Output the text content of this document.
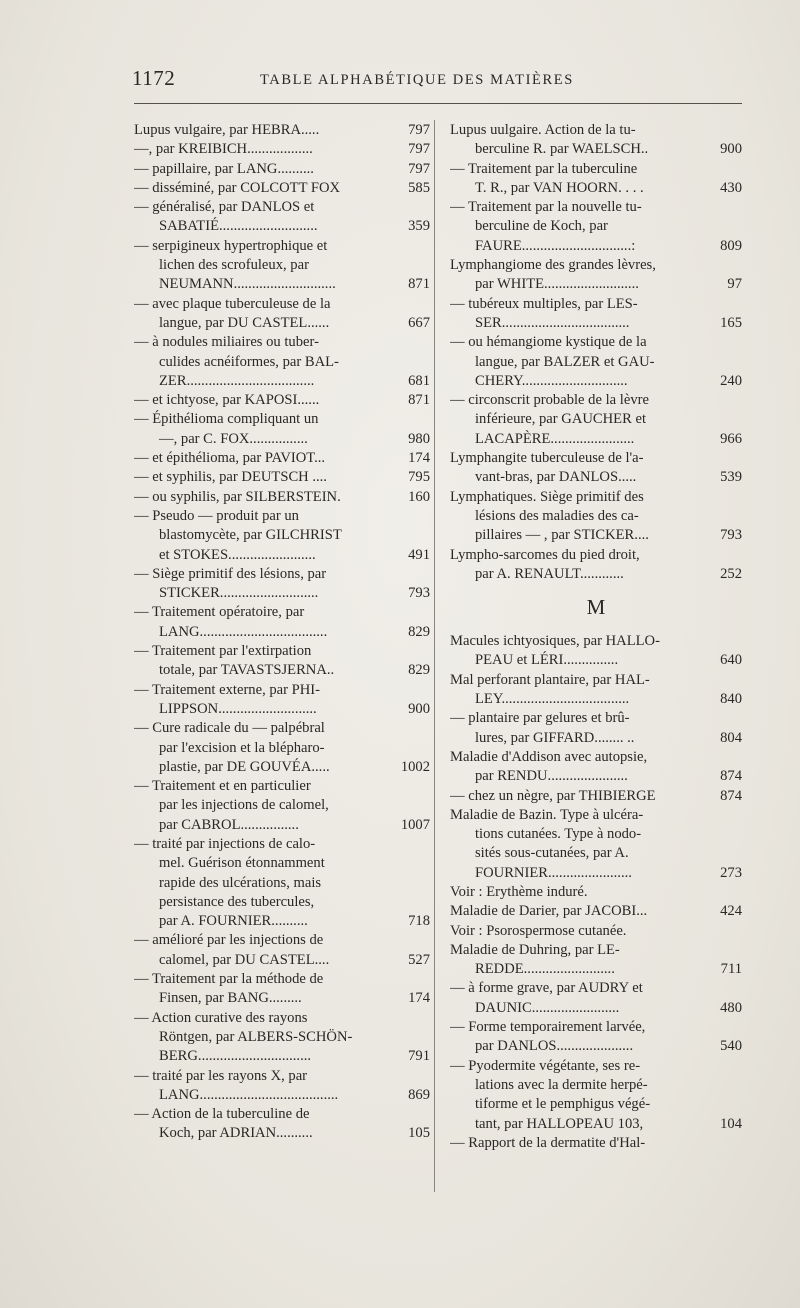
1172	TABLE ALPHABÉTIQUE DES MATIÈRES
Lupus vulgaire, par HEBRA.....	797
—, par KREIBICH..................	797
— papillaire, par LANG..........	797
— disséminé, par COLCOTT FOX	585
— généralisé, par DANLOS et
SABATIÉ...........................	359
— serpigineux hypertrophique et
lichen des scrofuleux, par
NEUMANN............................	871
— avec plaque tuberculeuse de la
langue, par DU CASTEL......	667
— à nodules miliaires ou tuber-
culides acnéiformes, par BAL-
ZER...................................	681
— et ichtyose, par KAPOSI......	871
— Épithélioma compliquant un
—, par C. FOX................	980
— et épithélioma, par PAVIOT...	174
— et syphilis, par DEUTSCH ....	795
— ou syphilis, par SILBERSTEIN.	160
— Pseudo — produit par un
blastomycète, par GILCHRIST
et STOKES........................	491
— Siège primitif des lésions, par
STICKER...........................	793
— Traitement opératoire, par
LANG...................................	829
— Traitement par l'extirpation
totale, par TAVASTSJERNA..	829
— Traitement externe, par PHI-
LIPPSON...........................	900
— Cure radicale du — palpébral
par l'excision et la blépharo-
plastie, par DE GOUVÉA.....	1002
— Traitement et en particulier
par les injections de calomel,
par CABROL................	1007
— traité par injections de calo-
mel. Guérison étonnamment
rapide des ulcérations, mais
persistance des tubercules,
par A. FOURNIER..........	718
— amélioré par les injections de
calomel, par DU CASTEL....	527
— Traitement par la méthode de
Finsen, par BANG.........	174
— Action curative des rayons
Röntgen, par ALBERS-SCHÖN-
BERG...............................	791
— traité par les rayons X, par
LANG......................................	869
— Action de la tuberculine de
Koch, par ADRIAN..........	105
Lupus uulgaire. Action de la tu-
berculine R. par WAELSCH..	900
— Traitement par la tuberculine
T. R., par VAN HOORN. . . .	430
— Traitement par la nouvelle tu-
berculine de Koch, par
FAURE..............................:	809
Lymphangiome des grandes lèvres,
par WHITE..........................	97
— tubéreux multiples, par LES-
SER...................................	165
— ou hémangiome kystique de la
langue, par BALZER et GAU-
CHERY.............................	240
— circonscrit probable de la lèvre
inférieure, par GAUCHER et
LACAPÈRE.......................	966
Lymphangite tuberculeuse de l'a-
vant-bras, par DANLOS.....	539
Lymphatiques. Siège primitif des
lésions des maladies des ca-
pillaires — , par STICKER....	793
Lympho-sarcomes du pied droit,
par A. RENAULT............	252
M
Macules ichtyosiques, par HALLO-
PEAU et LÉRI...............	640
Mal perforant plantaire, par HAL-
LEY...................................	840
— plantaire par gelures et brû-
lures, par GIFFARD........ ..	804
Maladie d'Addison avec autopsie,
par RENDU......................	874
— chez un nègre, par THIBIERGE	874
Maladie de Bazin. Type à ulcéra-
tions cutanées. Type à nodo-
sités sous-cutanées, par A.
FOURNIER.......................	273
Voir : Erythème induré.
Maladie de Darier, par JACOBI...	424
Voir : Psorospermose cutanée.
Maladie de Duhring, par LE-
REDDE.........................	711
— à forme grave, par AUDRY et
DAUNIC........................	480
— Forme temporairement larvée,
par DANLOS.....................	540
— Pyodermite végétante, ses re-
lations avec la dermite herpé-
tiforme et le pemphigus végé-
tant, par HALLOPEAU 103,	104
— Rapport de la dermatite d'Hal-
